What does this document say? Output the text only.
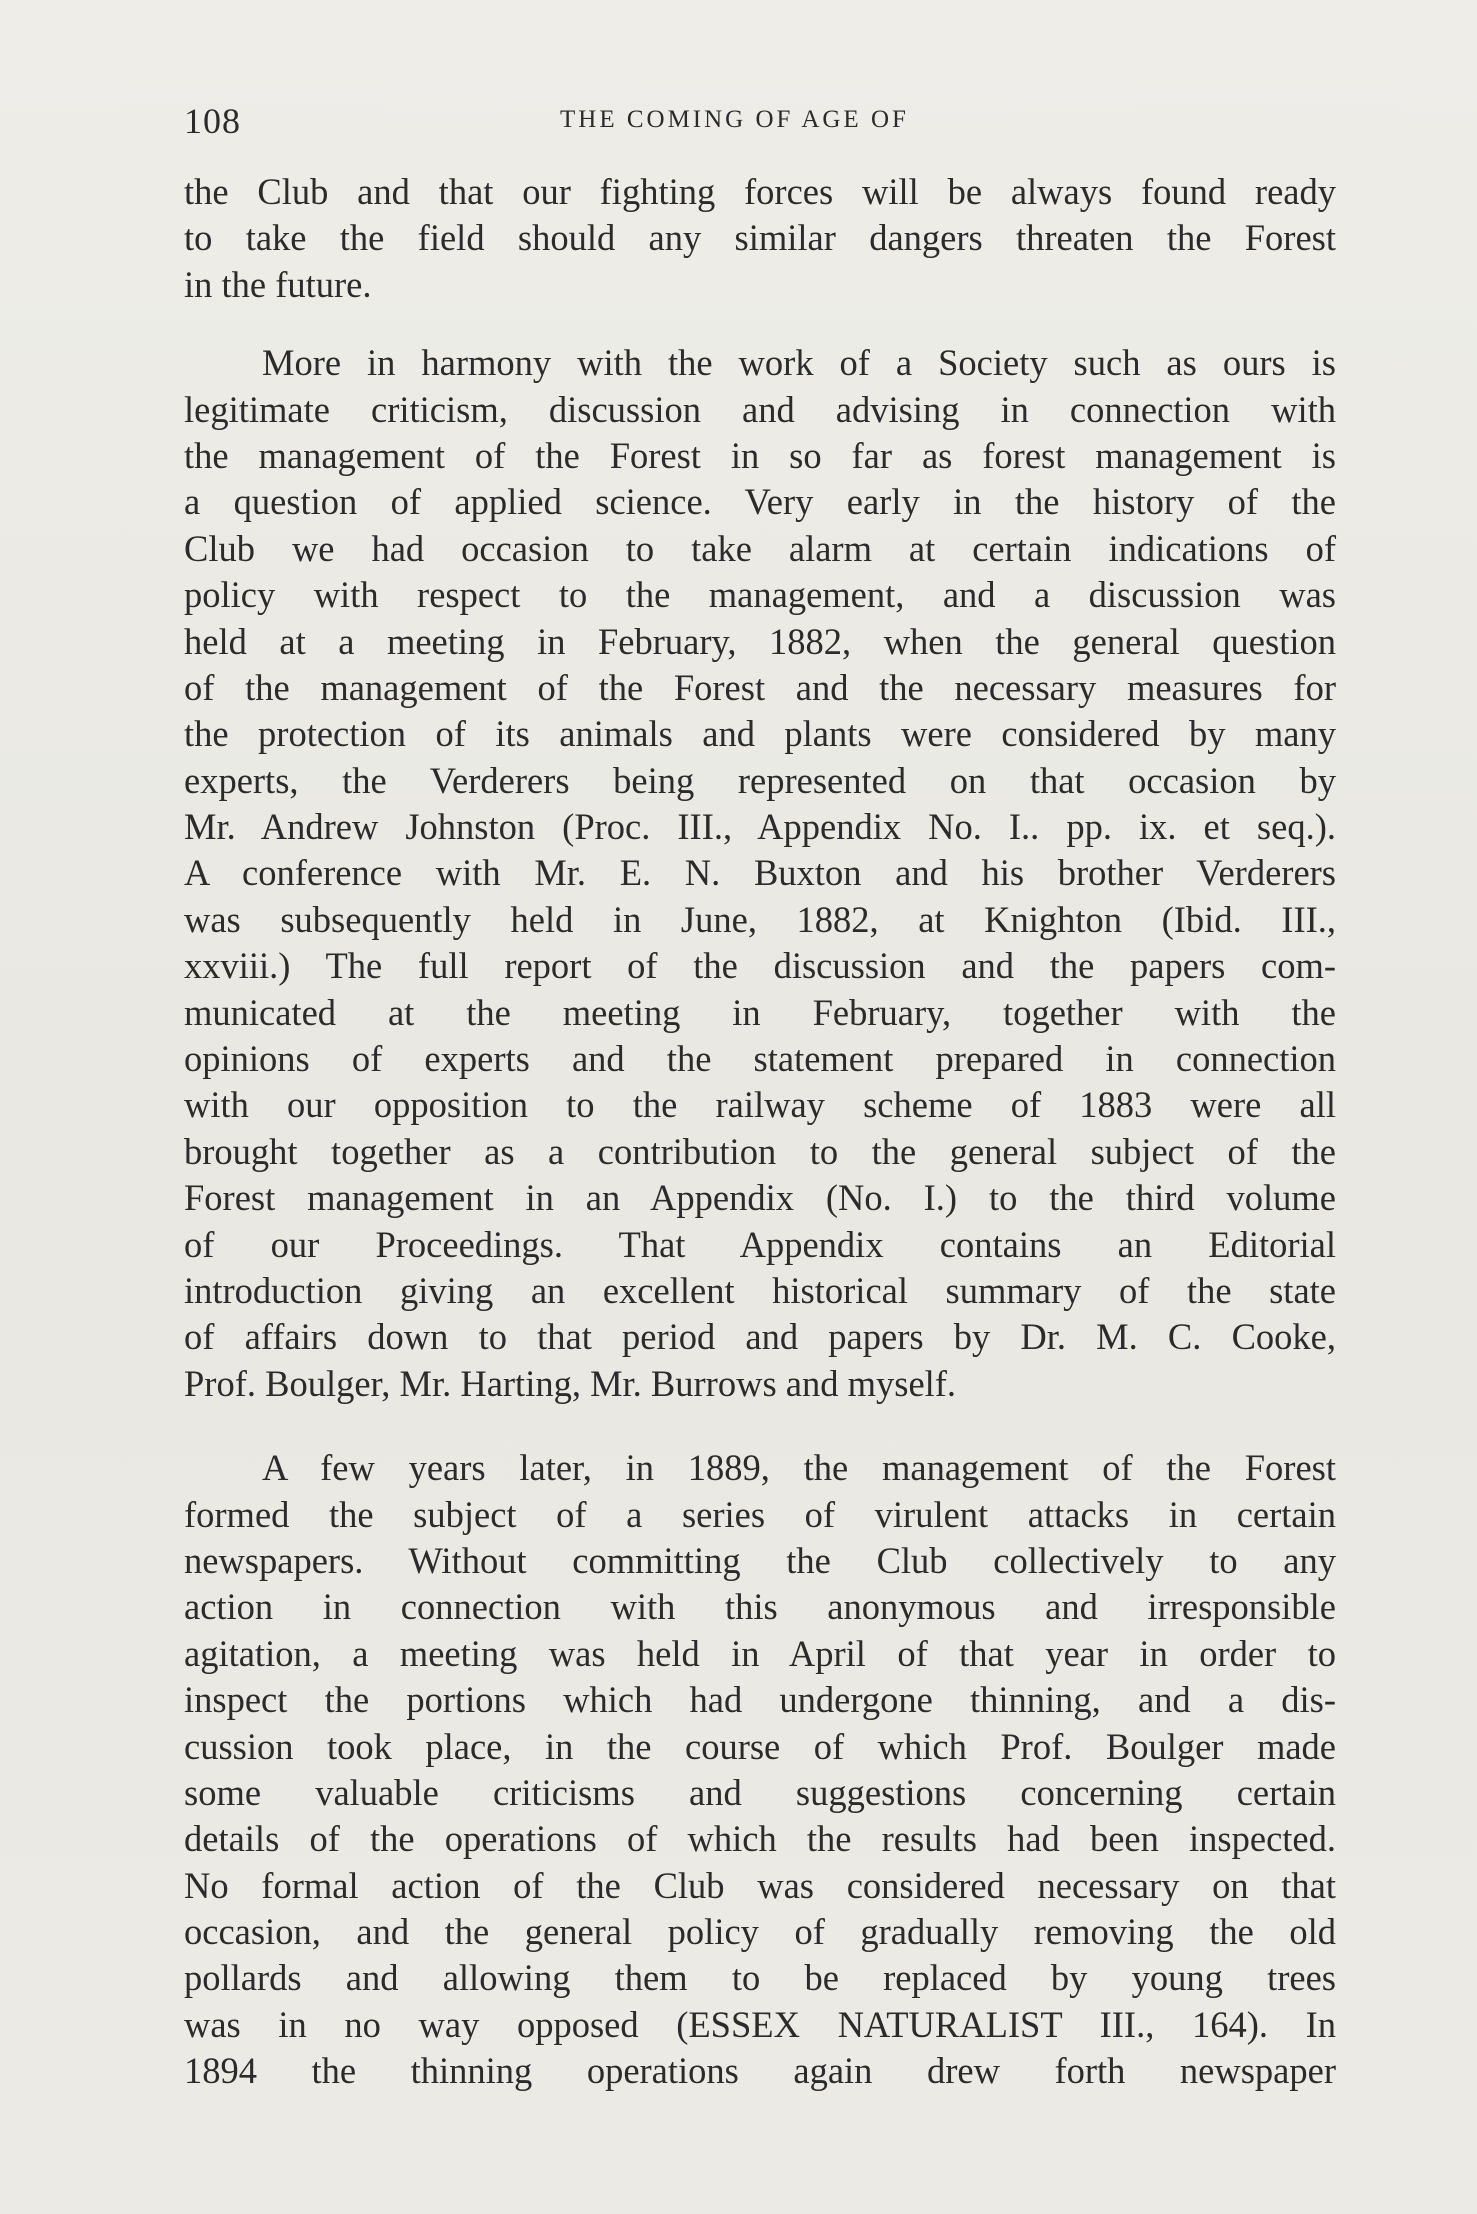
108	THE COMING OF AGE OF
the Club and that our fighting forces will be always found ready
to take the field should any similar dangers threaten the Forest
in the future.
More in harmony with the work of a Society such as ours is
legitimate criticism, discussion and advising in connection with
the management of the Forest in so far as forest management is
a question of applied science. Very early in the history of the
Club we had occasion to take alarm at certain indications of
policy with respect to the management, and a discussion was
held at a meeting in February, 1882, when the general question
of the management of the Forest and the necessary measures for
the protection of its animals and plants were considered by many
experts, the Verderers being represented on that occasion by
Mr. Andrew Johnston (Proc. III., Appendix No. I.. pp. ix. et seq.).
A conference with Mr. E. N. Buxton and his brother Verderers
was subsequently held in June, 1882, at Knighton (Ibid. III.,
xxviii.) The full report of the discussion and the papers com-
municated at the meeting in February, together with the
opinions of experts and the statement prepared in connection
with our opposition to the railway scheme of 1883 were all
brought together as a contribution to the general subject of the
Forest management in an Appendix (No. I.) to the third volume
of our Proceedings. That Appendix contains an Editorial
introduction giving an excellent historical summary of the state
of affairs down to that period and papers by Dr. M. C. Cooke,
Prof. Boulger, Mr. Harting, Mr. Burrows and myself.
A few years later, in 1889, the management of the Forest
formed the subject of a series of virulent attacks in certain
newspapers. Without committing the Club collectively to any
action in connection with this anonymous and irresponsible
agitation, a meeting was held in April of that year in order to
inspect the portions which had undergone thinning, and a dis-
cussion took place, in the course of which Prof. Boulger made
some valuable criticisms and suggestions concerning certain
details of the operations of which the results had been inspected.
No formal action of the Club was considered necessary on that
occasion, and the general policy of gradually removing the old
pollards and allowing them to be replaced by young trees
was in no way opposed (ESSEX NATURALIST III., 164). In
1894 the thinning operations again drew forth newspaper
